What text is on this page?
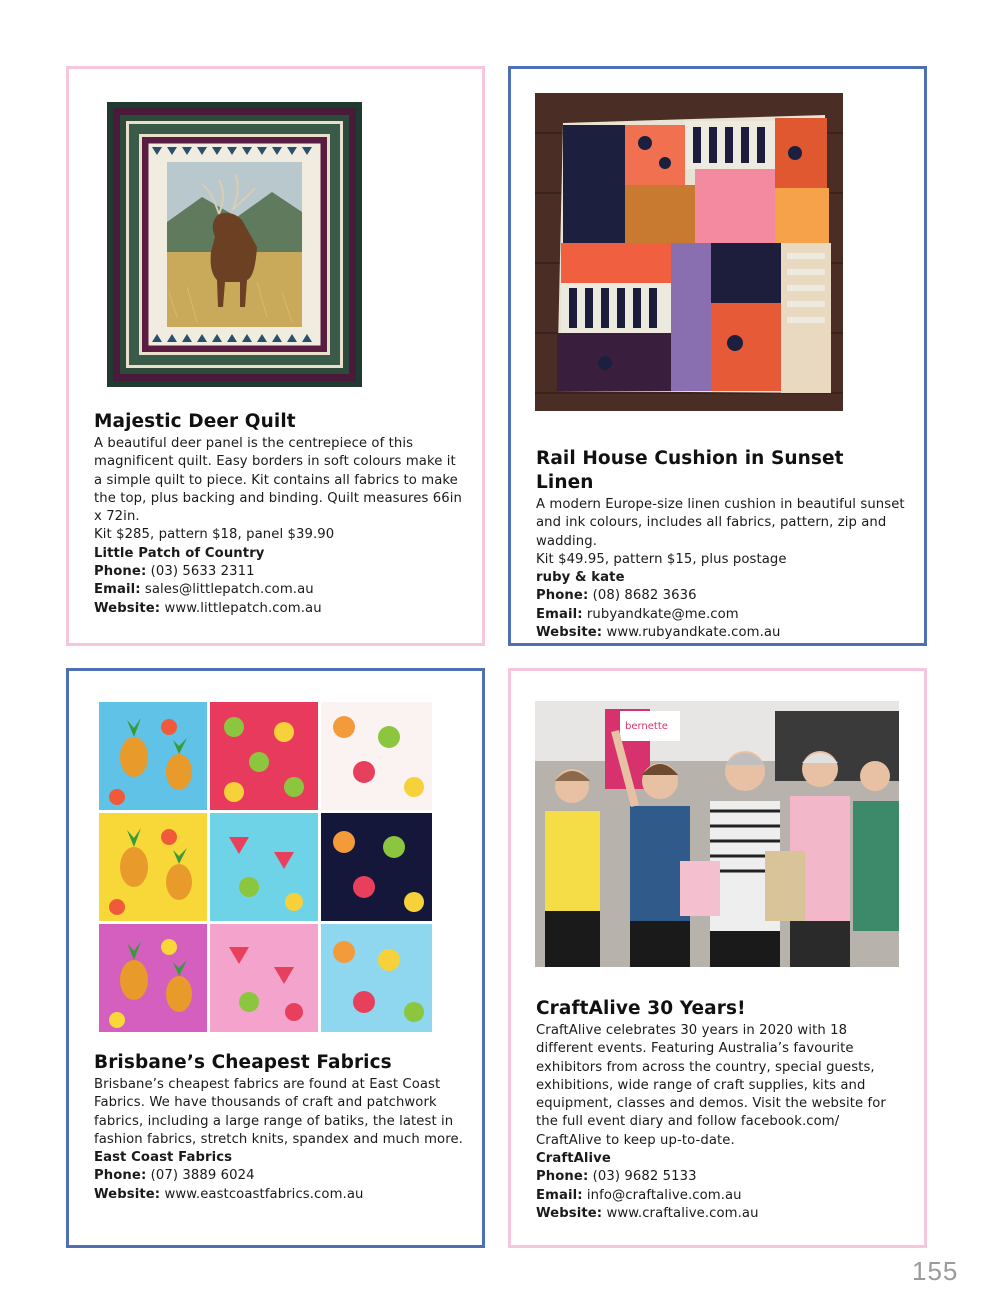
Majestic Deer Quilt

A beautiful deer panel is the centrepiece of this magnificent quilt. Easy borders in soft colours make it a simple quilt to piece. Kit contains all fabrics to make the top, plus backing and binding. Quilt measures 66in x 72in.

Kit $285, pattern $18, panel $39.90

Little Patch of Country

Phone: (03) 5633 2311

Email: sales@littlepatch.com.au

Website: www.littlepatch.com.au

Rail House Cushion in Sunset Linen

A modern Europe-size linen cushion in beautiful sunset and ink colours, includes all fabrics, pattern, zip and wadding.

Kit $49.95, pattern $15, plus postage

ruby & kate

Phone: (08) 8682 3636

Email: rubyandkate@me.com

Website: www.rubyandkate.com.au

Brisbane’s Cheapest Fabrics

Brisbane’s cheapest fabrics are found at East Coast Fabrics. We have thousands of craft and patchwork fabrics, including a large range of batiks, the latest in fashion fabrics, stretch knits, spandex and much more.

East Coast Fabrics

Phone: (07) 3889 6024

Website: www.eastcoastfabrics.com.au

bernette
CraftAlive 30 Years!

CraftAlive celebrates 30 years in 2020 with 18 different events. Featuring Australia’s favourite exhibitors from across the country, special guests, exhibitions, wide range of craft supplies, kits and equipment, classes and demos. Visit the website for the full event diary and follow facebook.com/ CraftAlive to keep up-to-date.

CraftAlive

Phone: (03) 9682 5133

Email: info@craftalive.com.au

Website: www.craftalive.com.au

155
